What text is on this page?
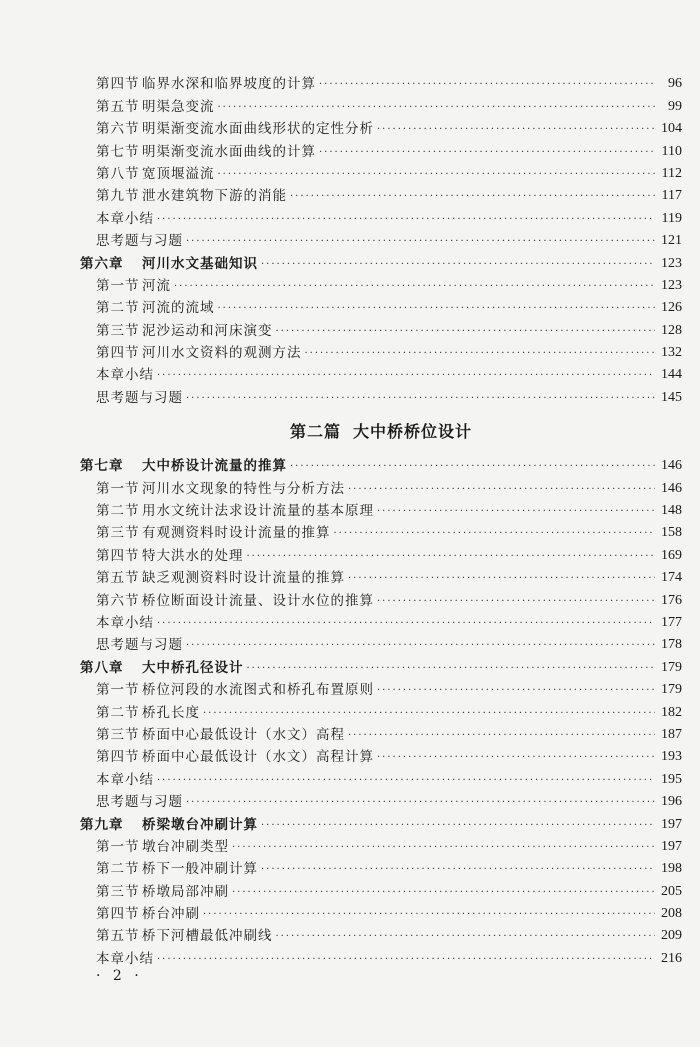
第四节 临界水深和临界坡度的计算 ·····	96
第五节 明渠急变流 ·····	99
第六节 明渠渐变流水面曲线形状的定性分析 ·····	104
第七节 明渠渐变流水面曲线的计算 ·····	110
第八节 宽顶堰溢流 ·····	112
第九节 泄水建筑物下游的消能 ·····	117
本章小结 ·····	119
思考题与习题 ·····	121
第六章	河川水文基础知识 ·····	123
第一节 河流 ·····	123
第二节 河流的流域 ·····	126
第三节 泥沙运动和河床演变 ·····	128
第四节 河川水文资料的观测方法 ·····	132
本章小结 ·····	144
思考题与习题 ·····	145
第二篇 大中桥桥位设计
第七章	大中桥设计流量的推算 ·····	146
第一节 河川水文现象的特性与分析方法 ·····	146
第二节 用水文统计法求设计流量的基本原理 ·····	148
第三节 有观测资料时设计流量的推算 ·····	158
第四节 特大洪水的处理 ·····	169
第五节 缺乏观测资料时设计流量的推算 ·····	174
第六节 桥位断面设计流量、设计水位的推算 ·····	176
本章小结 ·····	177
思考题与习题 ·····	178
第八章	大中桥孔径设计 ·····	179
第一节 桥位河段的水流图式和桥孔布置原则 ·····	179
第二节 桥孔长度 ·····	182
第三节 桥面中心最低设计（水文）高程 ·····	187
第四节 桥面中心最低设计（水文）高程计算 ·····	193
本章小结 ·····	195
思考题与习题 ·····	196
第九章	桥梁墩台冲刷计算 ·····	197
第一节 墩台冲刷类型 ·····	197
第二节 桥下一般冲刷计算 ·····	198
第三节 桥墩局部冲刷 ·····	205
第四节 桥台冲刷 ·····	208
第五节 桥下河槽最低冲刷线 ·····	209
本章小结 ·····	216
· 2 ·
